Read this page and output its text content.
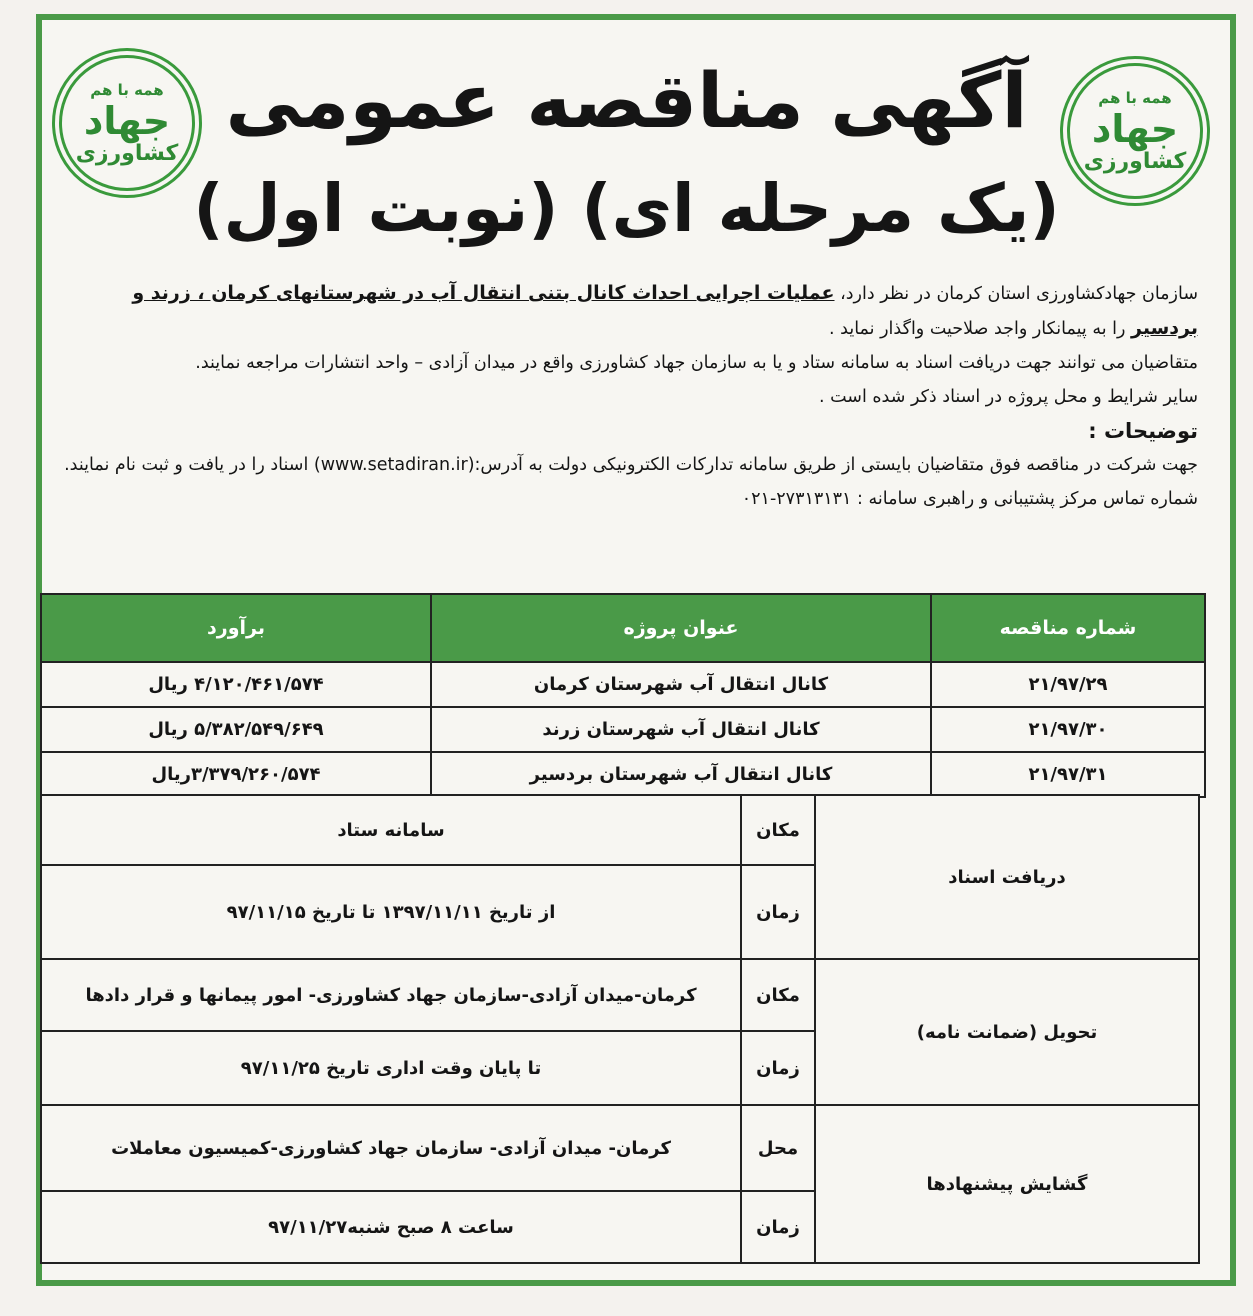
همه با هم
جهاد
کشاورزی
همه با هم
جهاد
کشاورزی
آگهی مناقصه عمومی
(یک مرحله ای) (نوبت اول)

سازمان جهادکشاورزی استان کرمان در نظر دارد، عملیات اجرایی احداث کانال بتنی انتقال آب در شهرستانهای کرمان ، زرند و بردسیر را به پیمانکار واجد صلاحیت واگذار نماید .

متقاضیان می توانند جهت دریافت اسناد به سامانه ستاد و یا به سازمان جهاد کشاورزی واقع در میدان آزادی – واحد انتشارات مراجعه نمایند.

سایر شرایط و محل پروژه در اسناد ذکر شده است .

توضیحات :

جهت شرکت در مناقصه فوق متقاضیان بایستی از طریق سامانه تدارکات الکترونیکی دولت به آدرس:(www.setadiran.ir) اسناد را در یافت و ثبت نام نمایند.

شماره تماس مرکز پشتیبانی و راهبری سامانه : ۲۷۳۱۳۱۳۱-۰۲۱

شماره مناقصه	عنوان پروژه	برآورد
۲۱/۹۷/۲۹	کانال انتقال آب شهرستان کرمان	۴/۱۲۰/۴۶۱/۵۷۴ ریال
۲۱/۹۷/۳۰	کانال انتقال آب شهرستان زرند	۵/۳۸۲/۵۴۹/۶۴۹ ریال
۲۱/۹۷/۳۱	کانال انتقال آب شهرستان بردسیر	۳/۳۷۹/۲۶۰/۵۷۴ریال
دریافت اسناد	مکان	سامانه ستاد
	زمان	از تاریخ ۱۳۹۷/۱۱/۱۱ تا تاریخ ۹۷/۱۱/۱۵
تحویل (ضمانت نامه)	مکان	کرمان-میدان آزادی-سازمان جهاد کشاورزی- امور پیمانها و قرار دادها
	زمان	تا پایان وقت اداری تاریخ ۹۷/۱۱/۲۵
گشایش پیشنهادها	محل	کرمان- میدان آزادی- سازمان جهاد کشاورزی-کمیسیون معاملات
	زمان	ساعت ۸ صبح شنبه۹۷/۱۱/۲۷
